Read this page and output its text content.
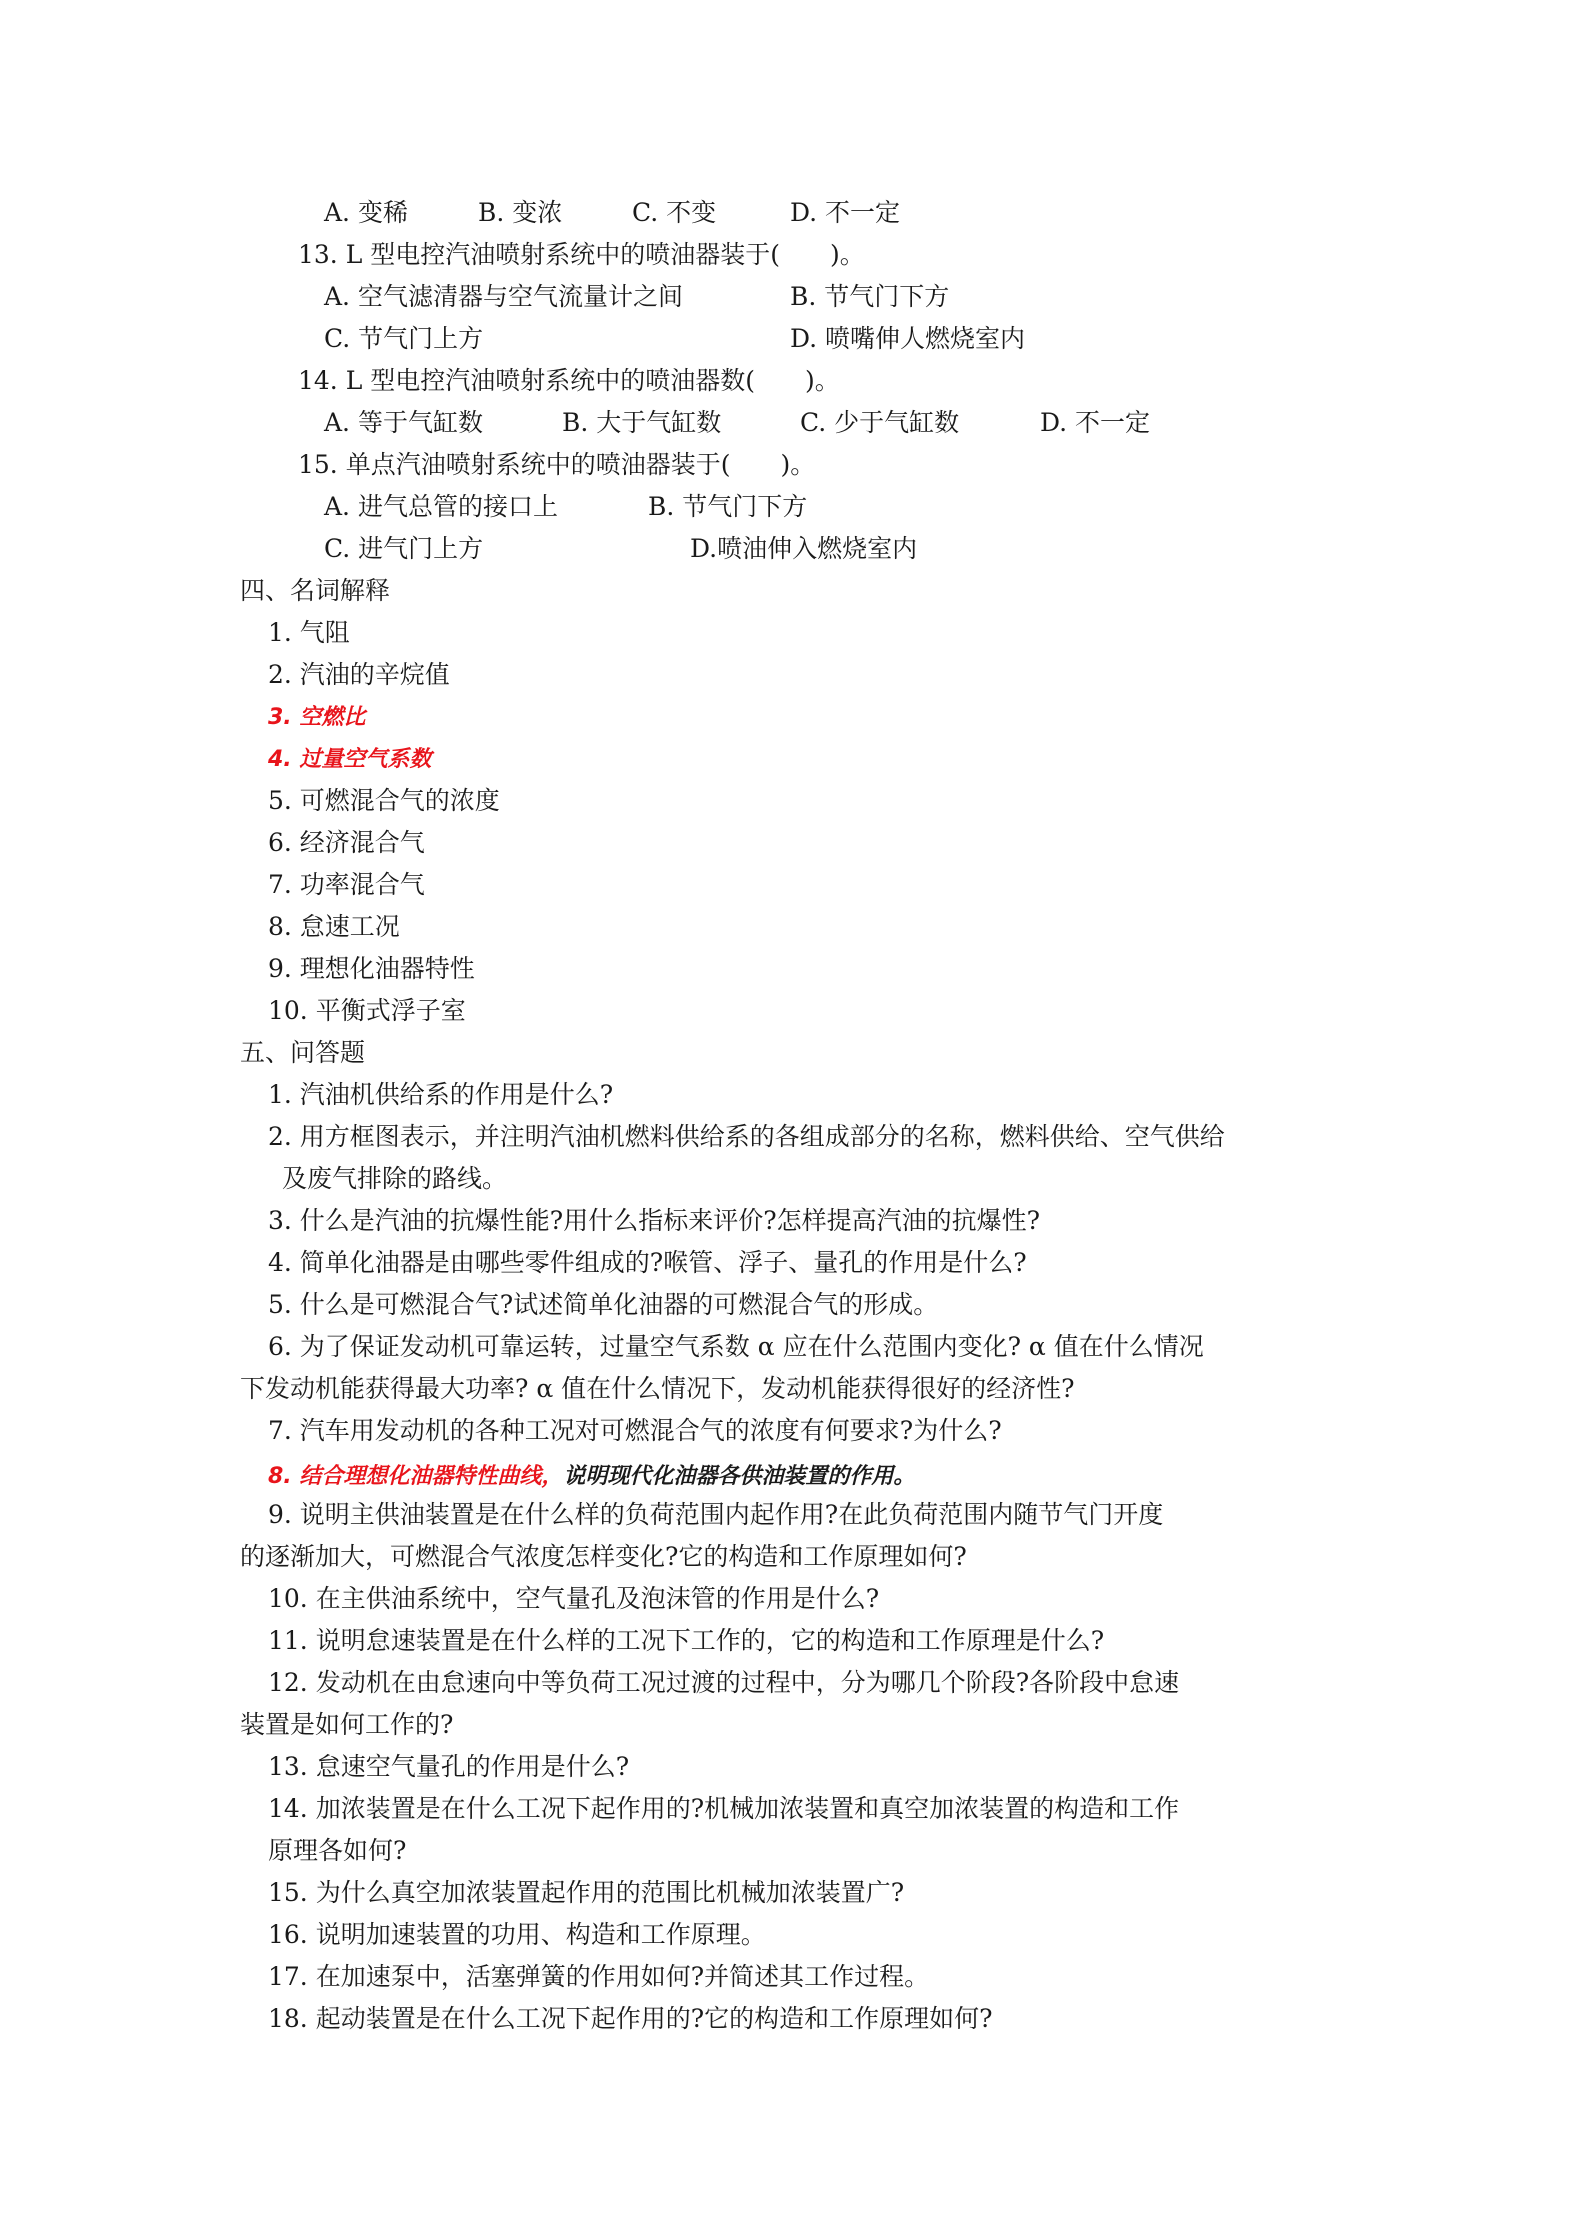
A. 变稀	B. 变浓	C. 不变	D. 不一定
13. L 型电控汽油喷射系统中的喷油器装于(　　)。
A. 空气滤清器与空气流量计之间	B. 节气门下方
C. 节气门上方	D. 喷嘴伸人燃烧室内
14. L 型电控汽油喷射系统中的喷油器数(　　)。
A. 等于气缸数	B. 大于气缸数	C. 少于气缸数	D. 不一定
15. 单点汽油喷射系统中的喷油器装于(　　)。
A. 进气总管的接口上	B. 节气门下方
C. 进气门上方	D.喷油伸入燃烧室内
四、名词解释
1. 气阻
2. 汽油的辛烷值
3. 空燃比
4. 过量空气系数
5. 可燃混合气的浓度
6. 经济混合气
7. 功率混合气
8. 怠速工况
9. 理想化油器特性
10. 平衡式浮子室
五、问答题
1. 汽油机供给系的作用是什么?
2. 用方框图表示，并注明汽油机燃料供给系的各组成部分的名称，燃料供给、空气供给
及废气排除的路线。
3. 什么是汽油的抗爆性能?用什么指标来评价?怎样提高汽油的抗爆性?
4. 简单化油器是由哪些零件组成的?喉管、浮子、量孔的作用是什么?
5. 什么是可燃混合气?试述简单化油器的可燃混合气的形成。
6. 为了保证发动机可靠运转，过量空气系数 α 应在什么范围内变化? α 值在什么情况
下发动机能获得最大功率? α 值在什么情况下，发动机能获得很好的经济性?
7. 汽车用发动机的各种工况对可燃混合气的浓度有何要求?为什么?
8. 结合理想化油器特性曲线，说明现代化油器各供油装置的作用。
9. 说明主供油装置是在什么样的负荷范围内起作用?在此负荷范围内随节气门开度
的逐渐加大，可燃混合气浓度怎样变化?它的构造和工作原理如何?
10. 在主供油系统中，空气量孔及泡沫管的作用是什么?
11. 说明怠速装置是在什么样的工况下工作的，它的构造和工作原理是什么?
12. 发动机在由怠速向中等负荷工况过渡的过程中，分为哪几个阶段?各阶段中怠速
装置是如何工作的?
13. 怠速空气量孔的作用是什么?
14. 加浓装置是在什么工况下起作用的?机械加浓装置和真空加浓装置的构造和工作
原理各如何?
15. 为什么真空加浓装置起作用的范围比机械加浓装置广?
16. 说明加速装置的功用、构造和工作原理。
17. 在加速泵中，活塞弹簧的作用如何?并简述其工作过程。
18. 起动装置是在什么工况下起作用的?它的构造和工作原理如何?
